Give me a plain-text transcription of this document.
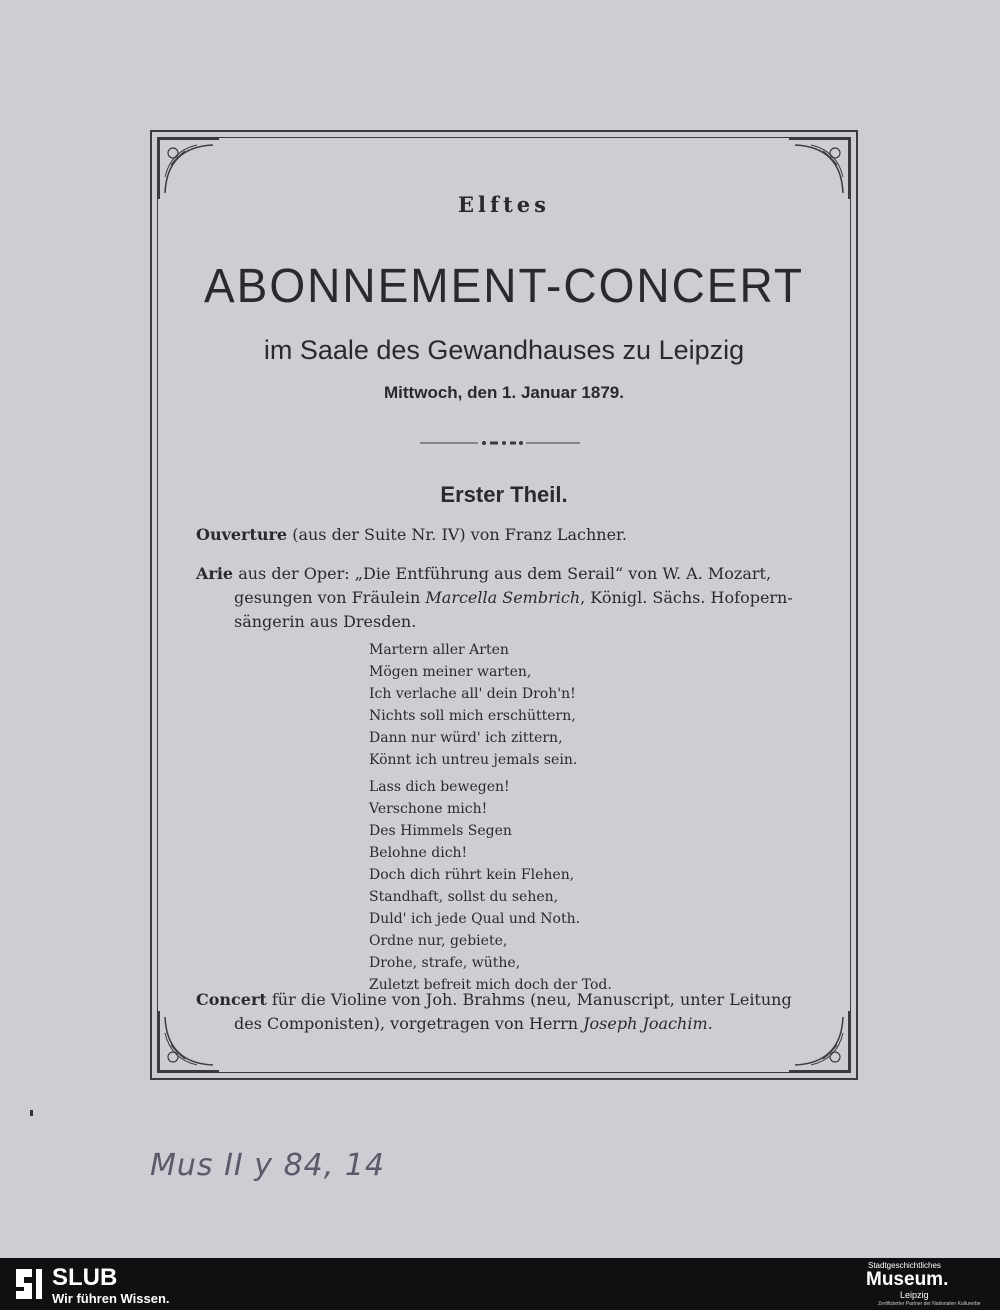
Elftes
ABONNEMENT-CONCERT
im Saale des Gewandhauses zu Leipzig
Mittwoch, den 1. Januar 1879.
Erster Theil.
Ouverture (aus der Suite Nr. IV) von Franz Lachner.
Arie aus der Oper: „Die Entführung aus dem Serail“ von W. A. Mozart,
gesungen von Fräulein Marcella Sembrich, Königl. Sächs. Hofopern-
sängerin aus Dresden.
Martern aller Arten
Mögen meiner warten,
Ich verlache all' dein Droh'n!
Nichts soll mich erschüttern,
Dann nur würd' ich zittern,
Könnt ich untreu jemals sein.
Lass dich bewegen!
Verschone mich!
Des Himmels Segen
Belohne dich!
Doch dich rührt kein Flehen,
Standhaft, sollst du sehen,
Duld' ich jede Qual und Noth.
Ordne nur, gebiete,
Drohe, strafe, wüthe,
Zuletzt befreit mich doch der Tod.
Concert für die Violine von Joh. Brahms (neu, Manuscript, unter Leitung
des Componisten), vorgetragen von Herrn Joseph Joachim.
Mus II y 84, 14
SLUB
Wir führen Wissen.
Stadtgeschichtliches
Museum.
Leipzig
Zertifizierter Partner der Nationalen Kulturerbe
